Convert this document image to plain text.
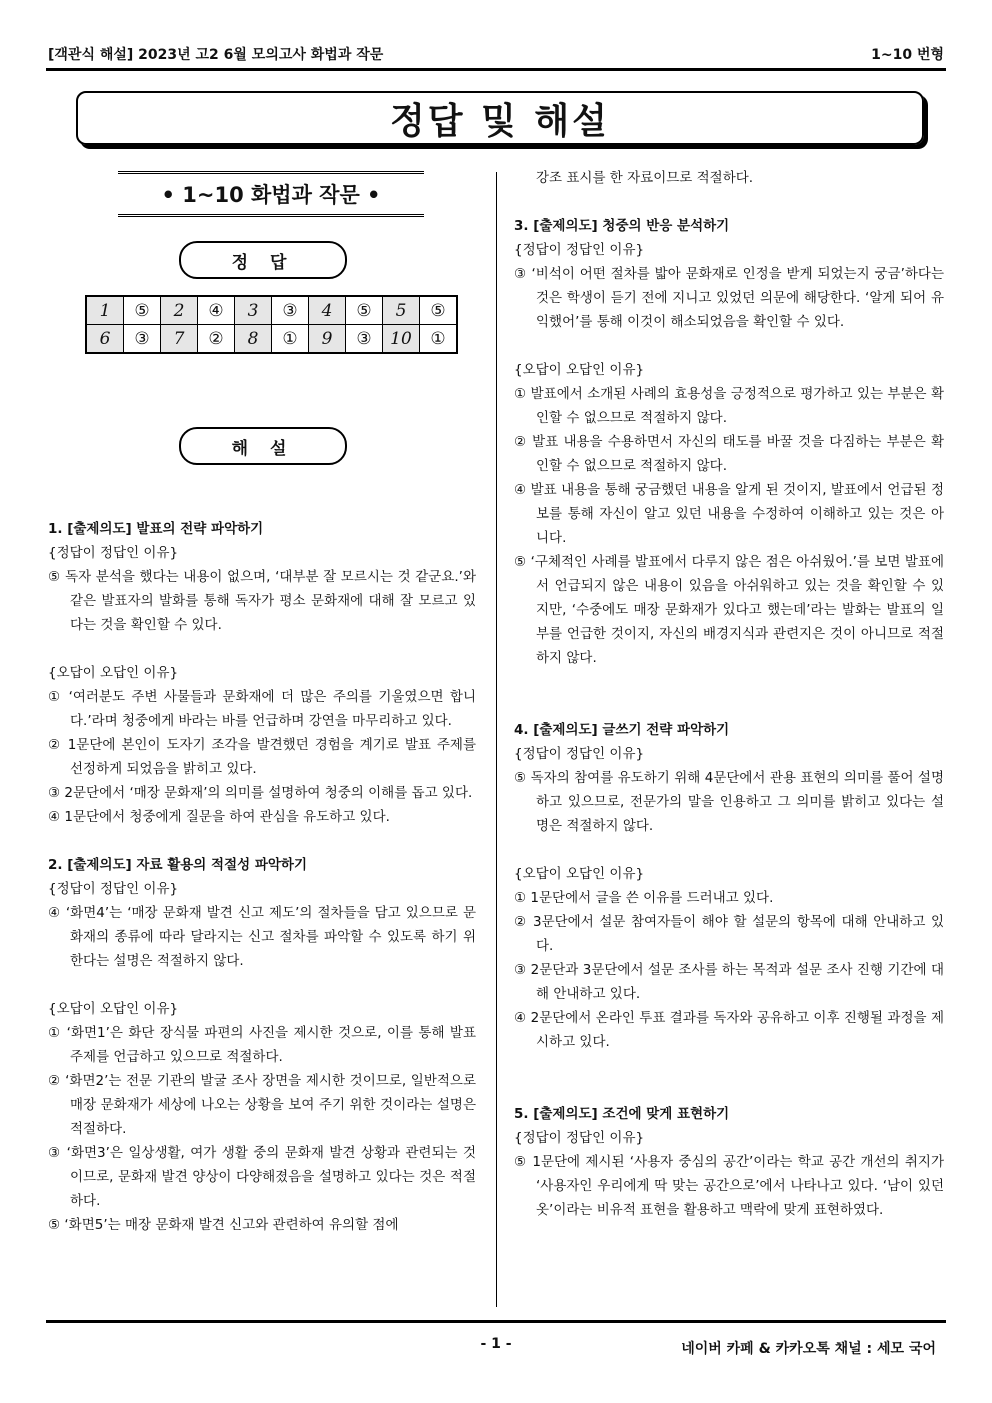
[객관식 해설] 2023년 고2 6월 모의고사 화법과 작문	1~10 번형
정답 및 해설
• 1~10 화법과 작문 •
정 답
1	⑤	2	④	3	③	4	⑤	5	⑤
6	③	7	②	8	①	9	③	10	①
해 설
1. [출제의도] 발표의 전략 파악하기
{정답이 정답인 이유}
⑤ 독자 분석을 했다는 내용이 없으며, ‘대부분 잘 모르시는 것 같군요.’와 같은 발표자의 발화를 통해 독자가 평소 문화재에 대해 잘 모르고 있다는 것을 확인할 수 있다.
{오답이 오답인 이유}
① ‘여러분도 주변 사물들과 문화재에 더 많은 주의를 기울였으면 합니다.’라며 청중에게 바라는 바를 언급하며 강연을 마무리하고 있다.
② 1문단에 본인이 도자기 조각을 발견했던 경험을 계기로 발표 주제를 선정하게 되었음을 밝히고 있다.
③ 2문단에서 ‘매장 문화재’의 의미를 설명하여 청중의 이해를 돕고 있다.
④ 1문단에서 청중에게 질문을 하여 관심을 유도하고 있다.
2. [출제의도] 자료 활용의 적절성 파악하기
{정답이 정답인 이유}
④ ‘화면4’는 ‘매장 문화재 발견 신고 제도’의 절차들을 담고 있으므로 문화재의 종류에 따라 달라지는 신고 절차를 파악할 수 있도록 하기 위한다는 설명은 적절하지 않다.
{오답이 오답인 이유}
① ‘화면1’은 화단 장식물 파편의 사진을 제시한 것으로, 이를 통해 발표 주제를 언급하고 있으므로 적절하다.
② ‘화면2’는 전문 기관의 발굴 조사 장면을 제시한 것이므로, 일반적으로 매장 문화재가 세상에 나오는 상황을 보여 주기 위한 것이라는 설명은 적절하다.
③ ‘화면3’은 일상생활, 여가 생활 중의 문화재 발견 상황과 관련되는 것이므로, 문화재 발견 양상이 다양해졌음을 설명하고 있다는 것은 적절하다.
⑤ ‘화면5’는 매장 문화재 발견 신고와 관련하여 유의할 점에
강조 표시를 한 자료이므로 적절하다.
3. [출제의도] 청중의 반응 분석하기
{정답이 정답인 이유}
③ ‘비석이 어떤 절차를 밟아 문화재로 인정을 받게 되었는지 궁금’하다는 것은 학생이 듣기 전에 지니고 있었던 의문에 해당한다. ‘알게 되어 유익했어’를 통해 이것이 해소되었음을 확인할 수 있다.
{오답이 오답인 이유}
① 발표에서 소개된 사례의 효용성을 긍정적으로 평가하고 있는 부분은 확인할 수 없으므로 적절하지 않다.
② 발표 내용을 수용하면서 자신의 태도를 바꿀 것을 다짐하는 부분은 확인할 수 없으므로 적절하지 않다.
④ 발표 내용을 통해 궁금했던 내용을 알게 된 것이지, 발표에서 언급된 정보를 통해 자신이 알고 있던 내용을 수정하여 이해하고 있는 것은 아니다.
⑤ ‘구체적인 사례를 발표에서 다루지 않은 점은 아쉬웠어.’를 보면 발표에서 언급되지 않은 내용이 있음을 아쉬워하고 있는 것을 확인할 수 있지만, ‘수중에도 매장 문화재가 있다고 했는데’라는 발화는 발표의 일부를 언급한 것이지, 자신의 배경지식과 관련지은 것이 아니므로 적절하지 않다.
4. [출제의도] 글쓰기 전략 파악하기
{정답이 정답인 이유}
⑤ 독자의 참여를 유도하기 위해 4문단에서 관용 표현의 의미를 풀어 설명하고 있으므로, 전문가의 말을 인용하고 그 의미를 밝히고 있다는 설명은 적절하지 않다.
{오답이 오답인 이유}
① 1문단에서 글을 쓴 이유를 드러내고 있다.
② 3문단에서 설문 참여자들이 해야 할 설문의 항목에 대해 안내하고 있다.
③ 2문단과 3문단에서 설문 조사를 하는 목적과 설문 조사 진행 기간에 대해 안내하고 있다.
④ 2문단에서 온라인 투표 결과를 독자와 공유하고 이후 진행될 과정을 제시하고 있다.
5. [출제의도] 조건에 맞게 표현하기
{정답이 정답인 이유}
⑤ 1문단에 제시된 ‘사용자 중심의 공간’이라는 학교 공간 개선의 취지가 ‘사용자인 우리에게 딱 맞는 공간으로’에서 나타나고 있다. ‘남이 있던 옷’이라는 비유적 표현을 활용하고 맥락에 맞게 표현하였다.
- 1 -	네이버 카페 & 카카오톡 채널 : 세모 국어
